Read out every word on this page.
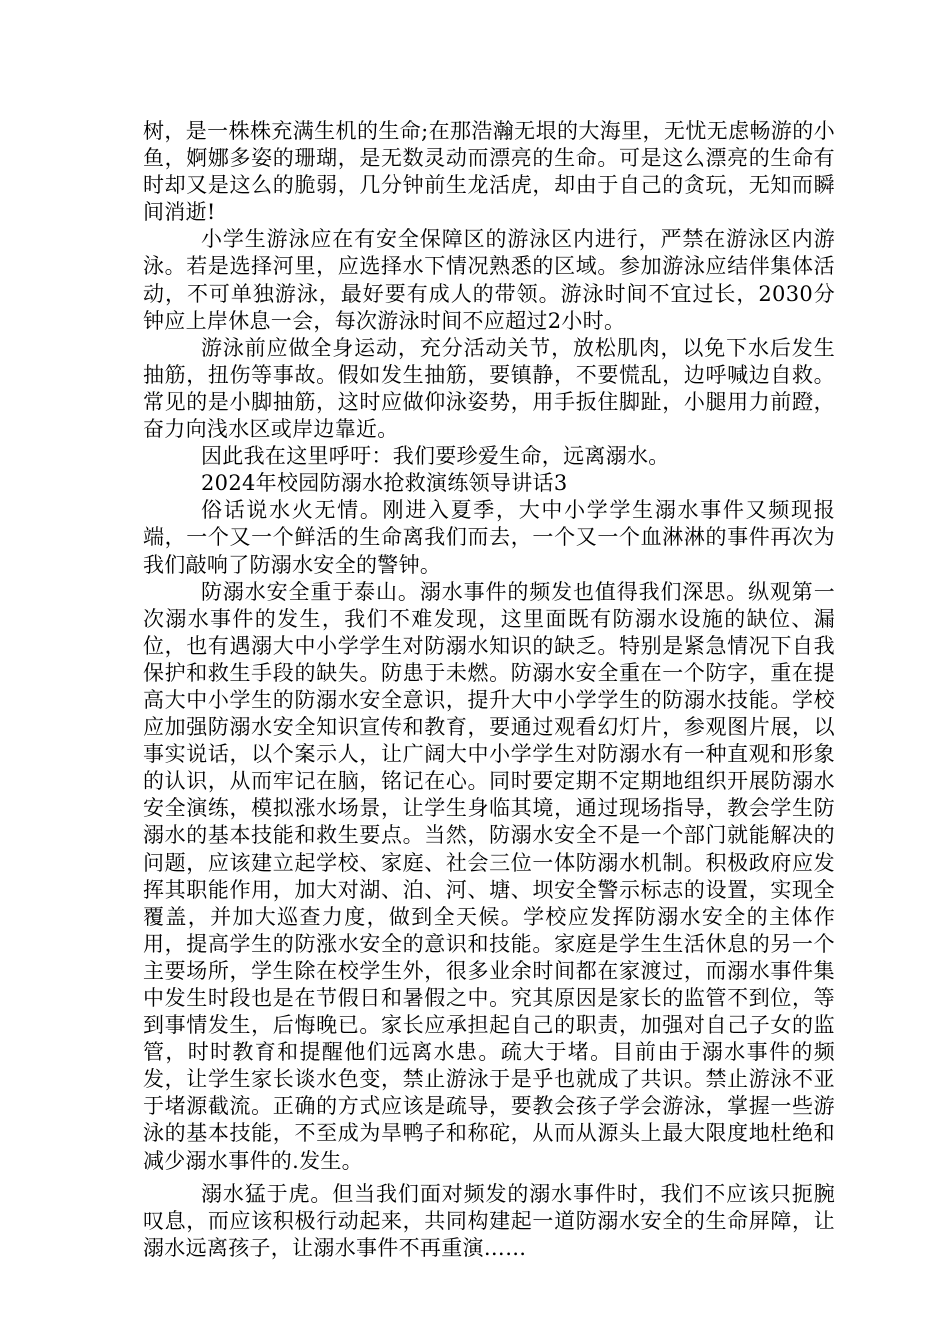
树，是一株株充满生机的生命;在那浩瀚无垠的大海里，无忧无虑畅游的小鱼，婀娜多姿的珊瑚，是无数灵动而漂亮的生命。可是这么漂亮的生命有时却又是这么的脆弱，几分钟前生龙活虎，却由于自己的贪玩，无知而瞬间消逝!

小学生游泳应在有安全保障区的游泳区内进行，严禁在游泳区内游泳。若是选择河里，应选择水下情况熟悉的区域。参加游泳应结伴集体活动，不可单独游泳，最好要有成人的带领。游泳时间不宜过长，2030分钟应上岸休息一会，每次游泳时间不应超过2小时。

游泳前应做全身运动，充分活动关节，放松肌肉，以免下水后发生抽筋，扭伤等事故。假如发生抽筋，要镇静，不要慌乱，边呼喊边自救。常见的是小脚抽筋，这时应做仰泳姿势，用手扳住脚趾，小腿用力前蹬，奋力向浅水区或岸边靠近。

因此我在这里呼吁：我们要珍爱生命，远离溺水。

2024年校园防溺水抢救演练领导讲话3

俗话说水火无情。刚进入夏季，大中小学学生溺水事件又频现报端，一个又一个鲜活的生命离我们而去，一个又一个血淋淋的事件再次为我们敲响了防溺水安全的警钟。

防溺水安全重于泰山。溺水事件的频发也值得我们深思。纵观第一次溺水事件的发生，我们不难发现，这里面既有防溺水设施的缺位、漏位，也有遇溺大中小学学生对防溺水知识的缺乏。特别是紧急情况下自我保护和救生手段的缺失。防患于未燃。防溺水安全重在一个防字，重在提高大中小学生的防溺水安全意识，提升大中小学学生的防溺水技能。学校应加强防溺水安全知识宣传和教育，要通过观看幻灯片，参观图片展，以事实说话，以个案示人，让广阔大中小学学生对防溺水有一种直观和形象的认识，从而牢记在脑，铭记在心。同时要定期不定期地组织开展防溺水安全演练，模拟涨水场景，让学生身临其境，通过现场指导，教会学生防溺水的基本技能和救生要点。当然，防溺水安全不是一个部门就能解决的问题，应该建立起学校、家庭、社会三位一体防溺水机制。积极政府应发挥其职能作用，加大对湖、泊、河、塘、坝安全警示标志的设置，实现全覆盖，并加大巡查力度，做到全天候。学校应发挥防溺水安全的主体作用，提高学生的防涨水安全的意识和技能。家庭是学生生活休息的另一个主要场所，学生除在校学生外，很多业余时间都在家渡过，而溺水事件集中发生时段也是在节假日和暑假之中。究其原因是家长的监管不到位，等到事情发生，后悔晚已。家长应承担起自己的职责，加强对自己子女的监管，时时教育和提醒他们远离水患。疏大于堵。目前由于溺水事件的频发，让学生家长谈水色变，禁止游泳于是乎也就成了共识。禁止游泳不亚于堵源截流。正确的方式应该是疏导，要教会孩子学会游泳，掌握一些游泳的基本技能，不至成为旱鸭子和称砣，从而从源头上最大限度地杜绝和减少溺水事件的.发生。

溺水猛于虎。但当我们面对频发的溺水事件时，我们不应该只扼腕叹息，而应该积极行动起来，共同构建起一道防溺水安全的生命屏障，让溺水远离孩子，让溺水事件不再重演……
